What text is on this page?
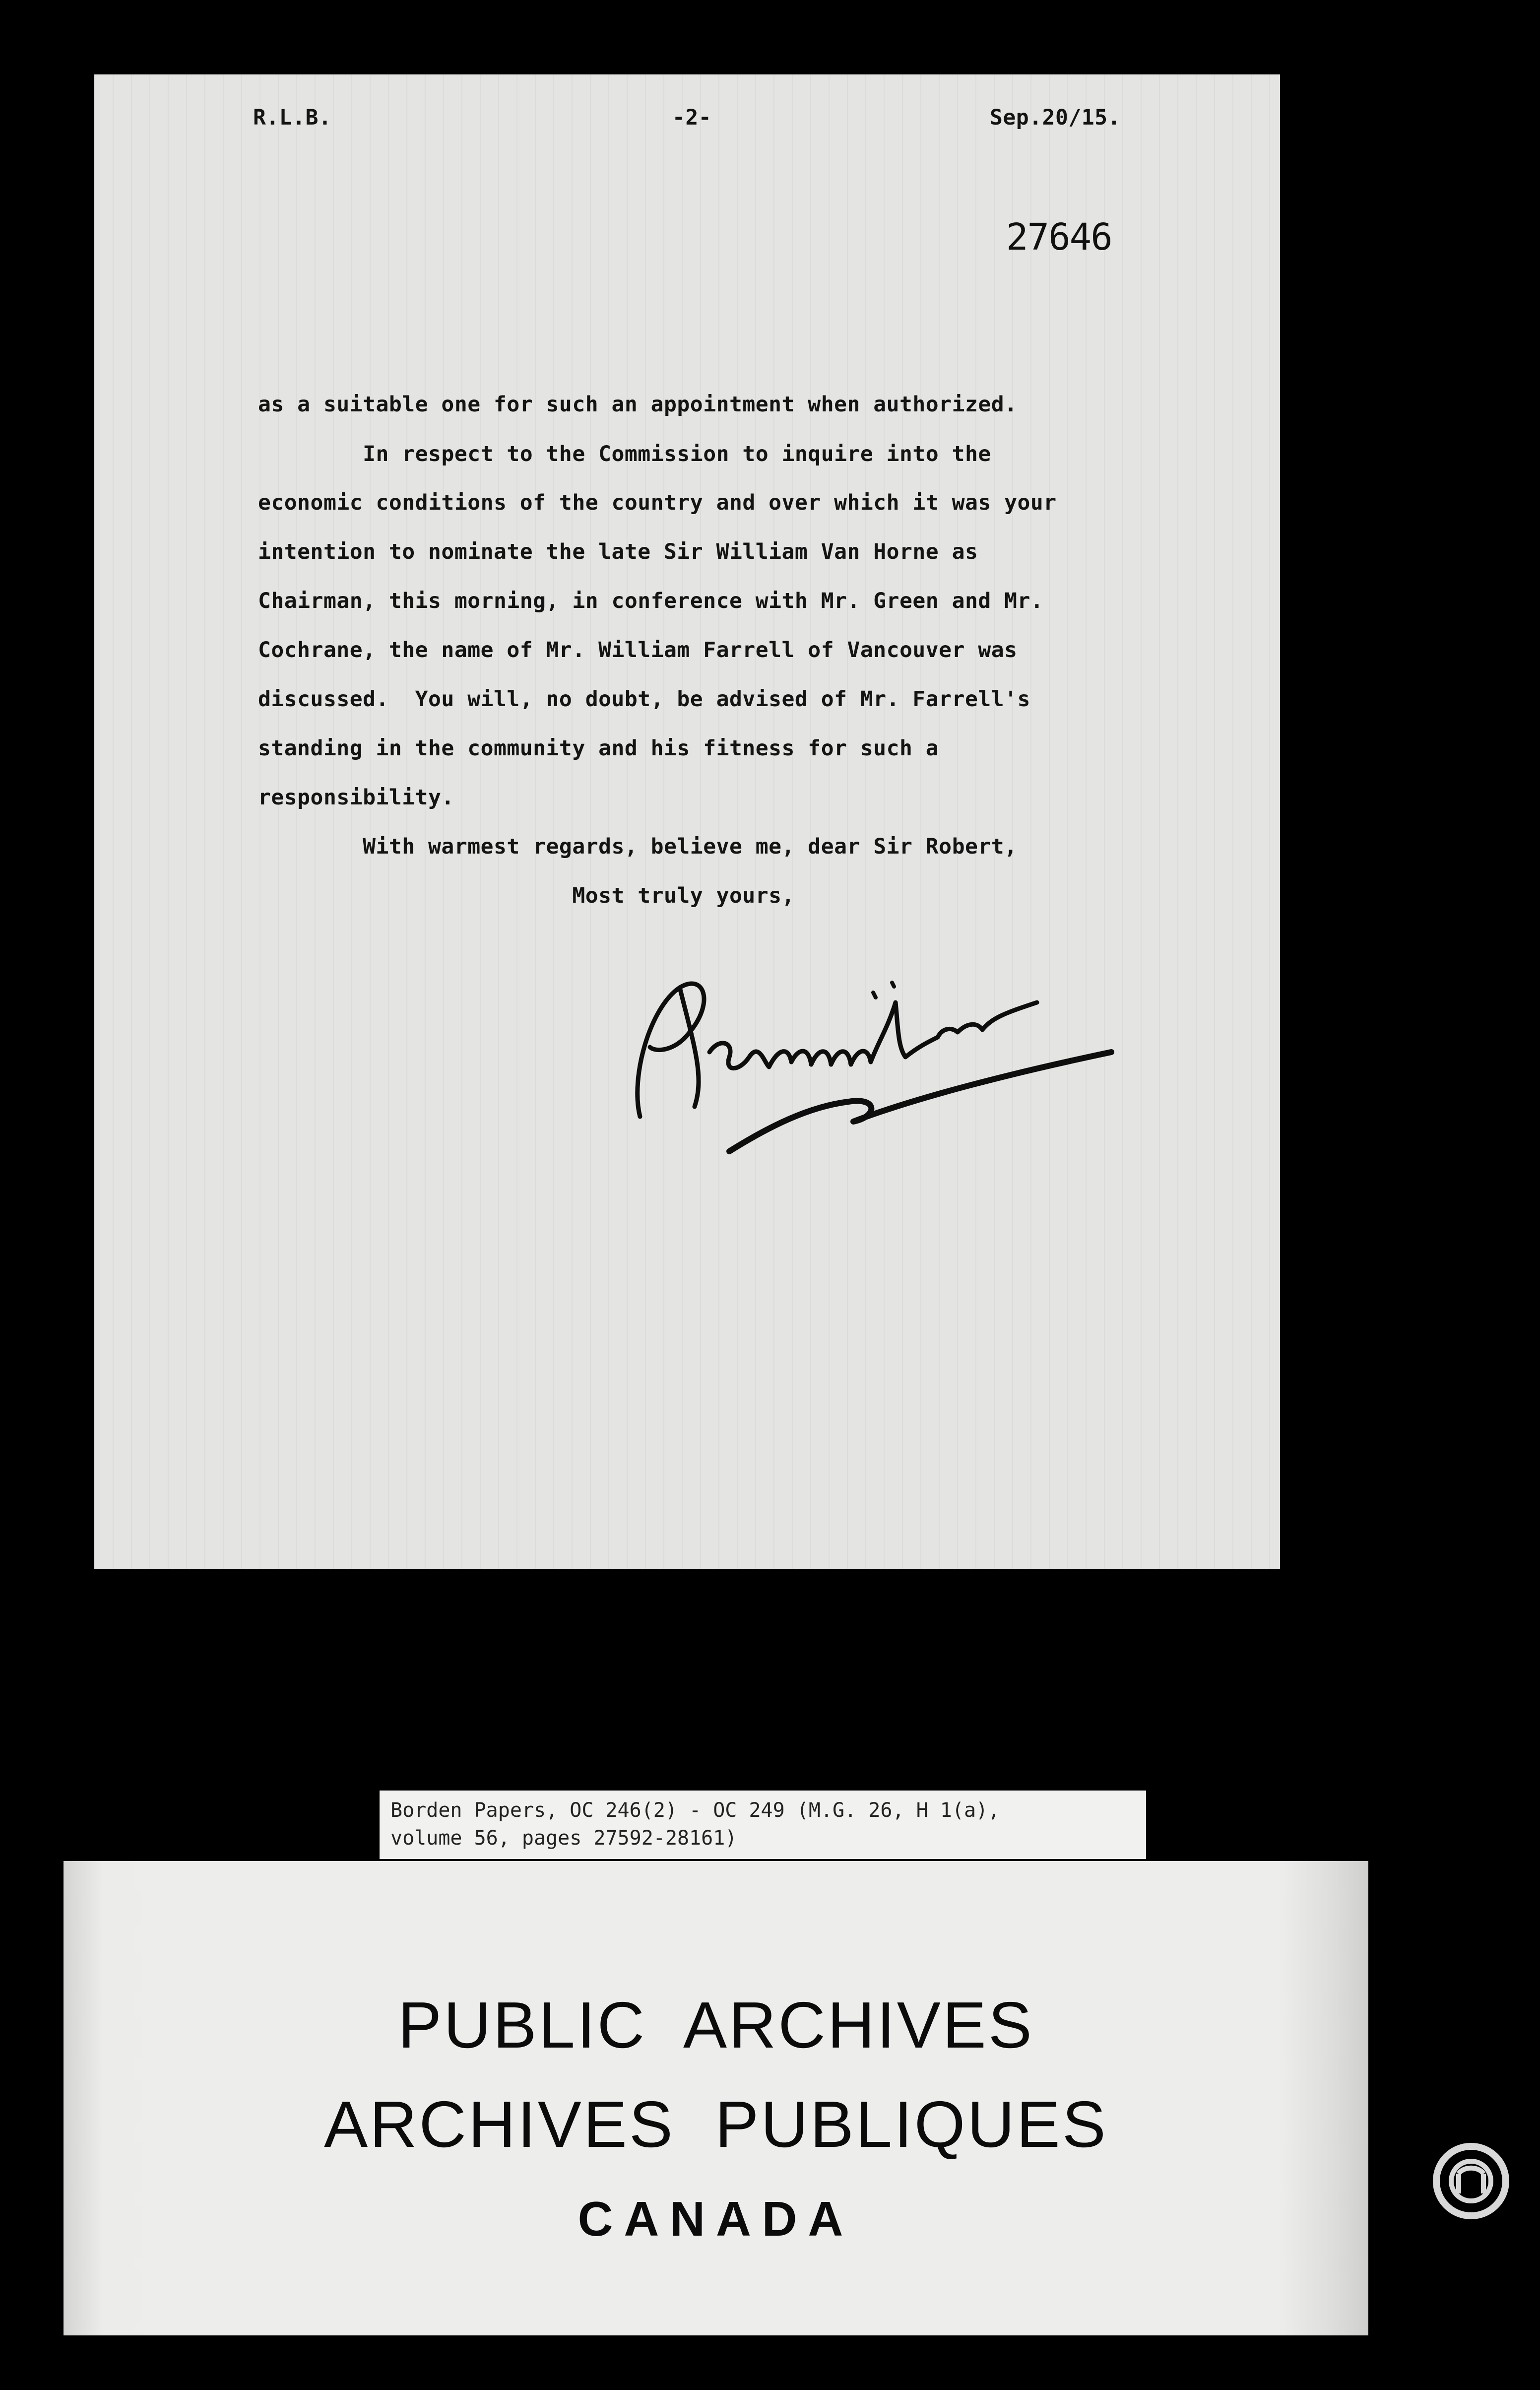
R.L.B.	-2-	Sep.20/15.
27646
as a suitable one for such an appointment when authorized.
In respect to the Commission to inquire into the
economic conditions of the country and over which it was your
intention to nominate the late Sir William Van Horne as
Chairman, this morning, in conference with Mr. Green and Mr.
Cochrane, the name of Mr. William Farrell of Vancouver was
discussed.  You will, no doubt, be advised of Mr. Farrell's
standing in the community and his fitness for such a
responsibility.
With warmest regards, believe me, dear Sir Robert,
Most truly yours,
Borden Papers, OC 246(2) - OC 249 (M.G. 26, H 1(a),
volume 56, pages 27592-28161)
PUBLIC  ARCHIVES
ARCHIVES  PUBLIQUES
CANADA
